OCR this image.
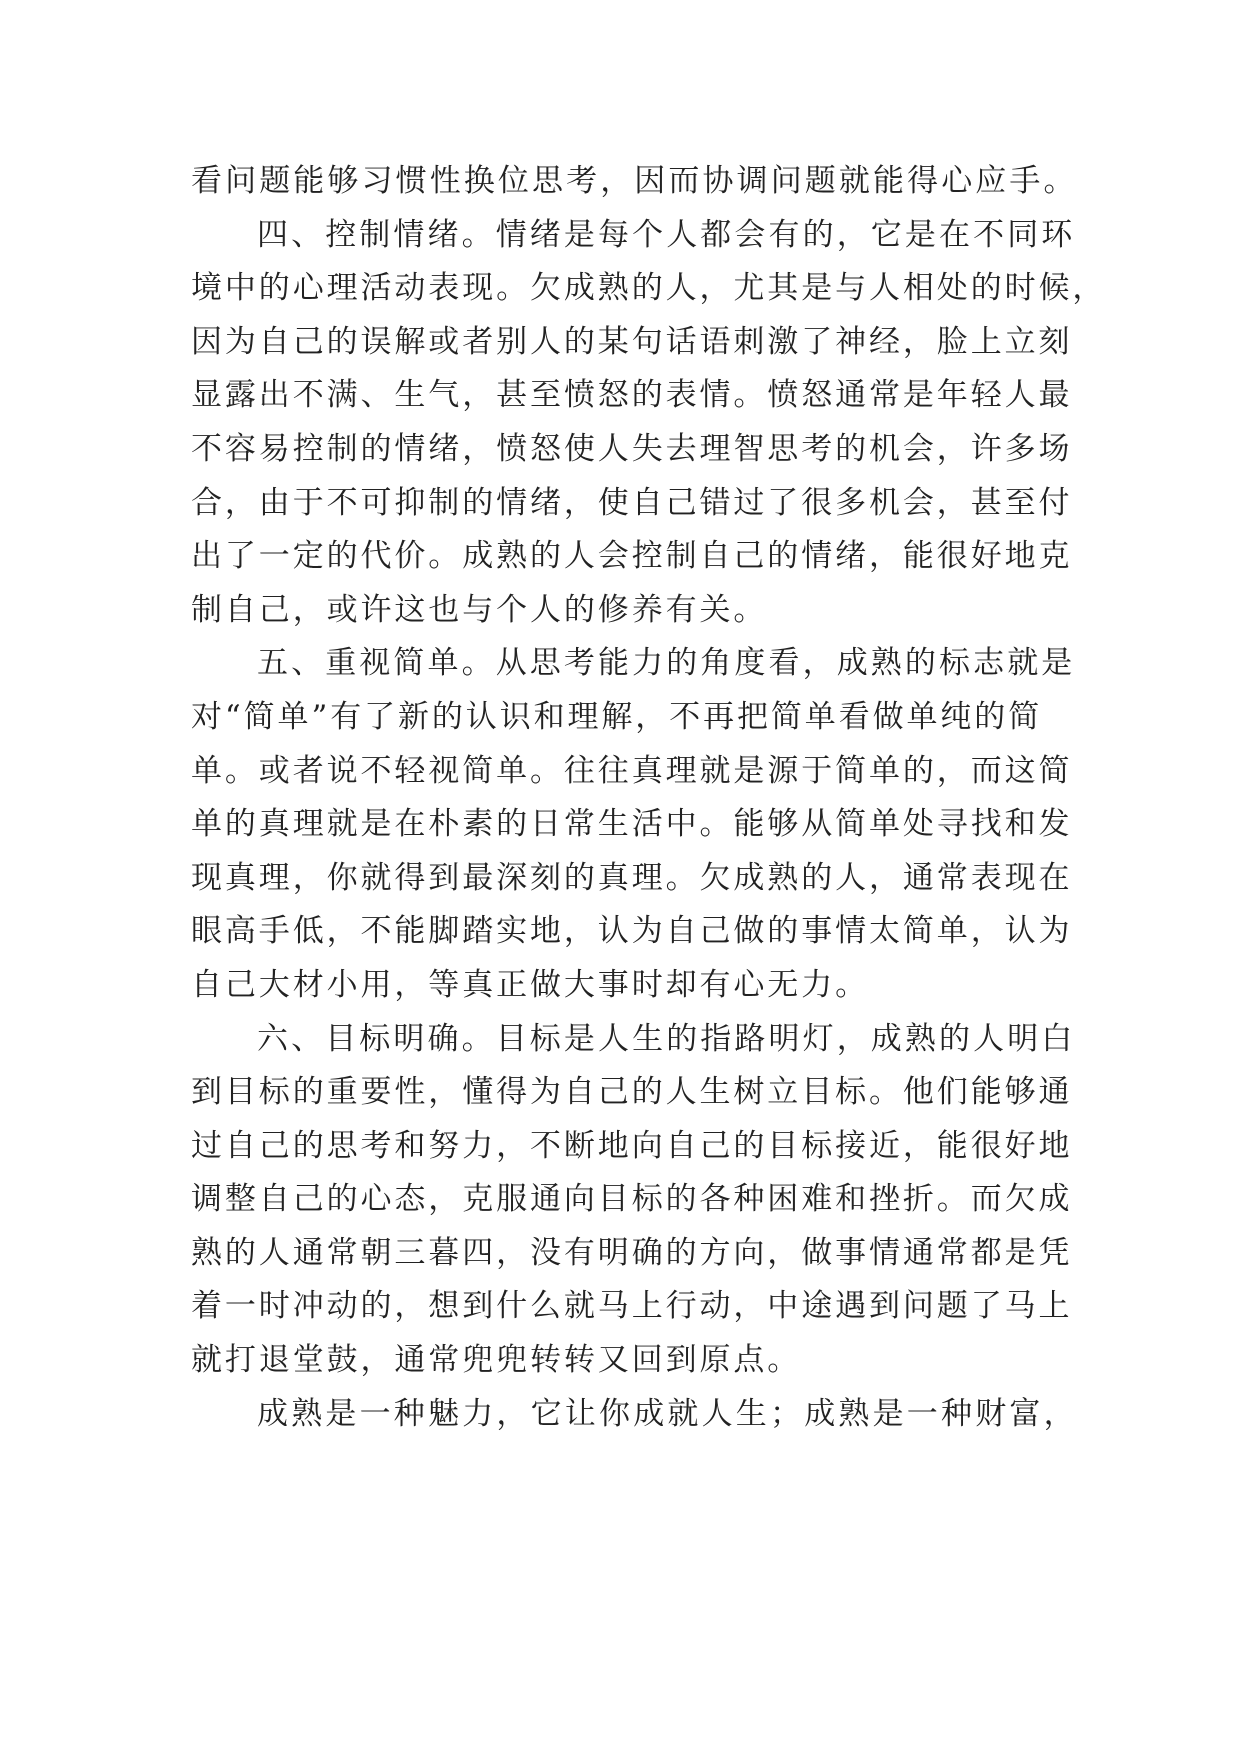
看问题能够习惯性换位思考，因而协调问题就能得心应手。
四、控制情绪。情绪是每个人都会有的，它是在不同环
境中的心理活动表现。欠成熟的人，尤其是与人相处的时候，
因为自己的误解或者别人的某句话语刺激了神经，脸上立刻
显露出不满、生气，甚至愤怒的表情。愤怒通常是年轻人最
不容易控制的情绪，愤怒使人失去理智思考的机会，许多场
合，由于不可抑制的情绪，使自己错过了很多机会，甚至付
出了一定的代价。成熟的人会控制自己的情绪，能很好地克
制自己，或许这也与个人的修养有关。
五、重视简单。从思考能力的角度看，成熟的标志就是
对“简单”有了新的认识和理解，不再把简单看做单纯的简
单。或者说不轻视简单。往往真理就是源于简单的，而这简
单的真理就是在朴素的日常生活中。能够从简单处寻找和发
现真理，你就得到最深刻的真理。欠成熟的人，通常表现在
眼高手低，不能脚踏实地，认为自己做的事情太简单，认为
自己大材小用，等真正做大事时却有心无力。
六、目标明确。目标是人生的指路明灯，成熟的人明白
到目标的重要性，懂得为自己的人生树立目标。他们能够通
过自己的思考和努力，不断地向自己的目标接近，能很好地
调整自己的心态，克服通向目标的各种困难和挫折。而欠成
熟的人通常朝三暮四，没有明确的方向，做事情通常都是凭
着一时冲动的，想到什么就马上行动，中途遇到问题了马上
就打退堂鼓，通常兜兜转转又回到原点。
成熟是一种魅力，它让你成就人生；成熟是一种财富，
